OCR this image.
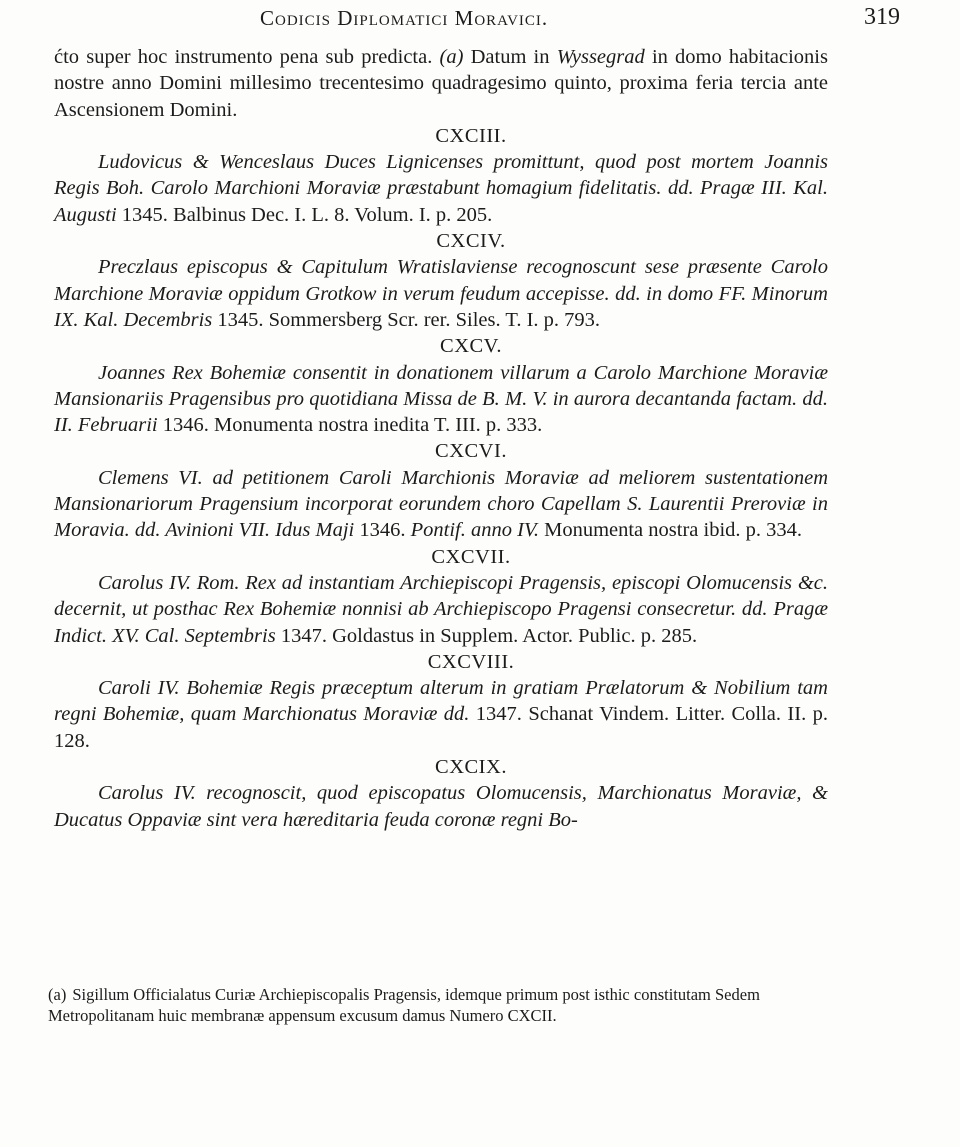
Codicis Diplomatici Moravici.	319

ćto super hoc instrumento pena sub predicta. (a) Datum in Wyssegrad in domo habitacionis nostre anno Domini millesimo trecentesimo quadragesimo quinto, proxima feria tercia ante Ascensionem Domini.

CXCIII.

Ludovicus & Wenceslaus Duces Lignicenses promittunt, quod post mortem Joannis Regis Boh. Carolo Marchioni Moraviæ præstabunt homagium fidelitatis. dd. Pragæ III. Kal. Augusti 1345. Balbinus Dec. I. L. 8. Volum. I. p. 205.

CXCIV.

Preczlaus episcopus & Capitulum Wratislaviense recognoscunt sese præsente Carolo Marchione Moraviæ oppidum Grotkow in verum feudum accepisse. dd. in domo FF. Minorum IX. Kal. Decembris 1345. Sommersberg Scr. rer. Siles. T. I. p. 793.

CXCV.

Joannes Rex Bohemiæ consentit in donationem villarum a Carolo Marchione Moraviæ Mansionariis Pragensibus pro quotidiana Missa de B. M. V. in aurora decantanda factam. dd. II. Februarii 1346. Monumenta nostra inedita T. III. p. 333.

CXCVI.

Clemens VI. ad petitionem Caroli Marchionis Moraviæ ad meliorem sustentationem Mansionariorum Pragensium incorporat eorundem choro Capellam S. Laurentii Preroviæ in Moravia. dd. Avinioni VII. Idus Maji 1346. Pontif. anno IV. Monumenta nostra ibid. p. 334.

CXCVII.

Carolus IV. Rom. Rex ad instantiam Archiepiscopi Pragensis, episcopi Olomucensis &c. decernit, ut posthac Rex Bohemiæ nonnisi ab Archiepiscopo Pragensi consecretur. dd. Pragæ Indict. XV. Cal. Septembris 1347. Goldastus in Supplem. Actor. Public. p. 285.

CXCVIII.

Caroli IV. Bohemiæ Regis præceptum alterum in gratiam Prælatorum & Nobilium tam regni Bohemiæ, quam Marchionatus Moraviæ dd. 1347. Schanat Vindem. Litter. Colla. II. p. 128.

CXCIX.

Carolus IV. recognoscit, quod episcopatus Olomucensis, Marchionatus Moraviæ, & Ducatus Oppaviæ sint vera hæreditaria feuda coronæ regni Bo-

(a) Sigillum Officialatus Curiæ Archiepiscopalis Pragensis, idemque primum post isthic constitutam Sedem Metropolitanam huic membranæ appensum excusum damus Numero CXCII.
